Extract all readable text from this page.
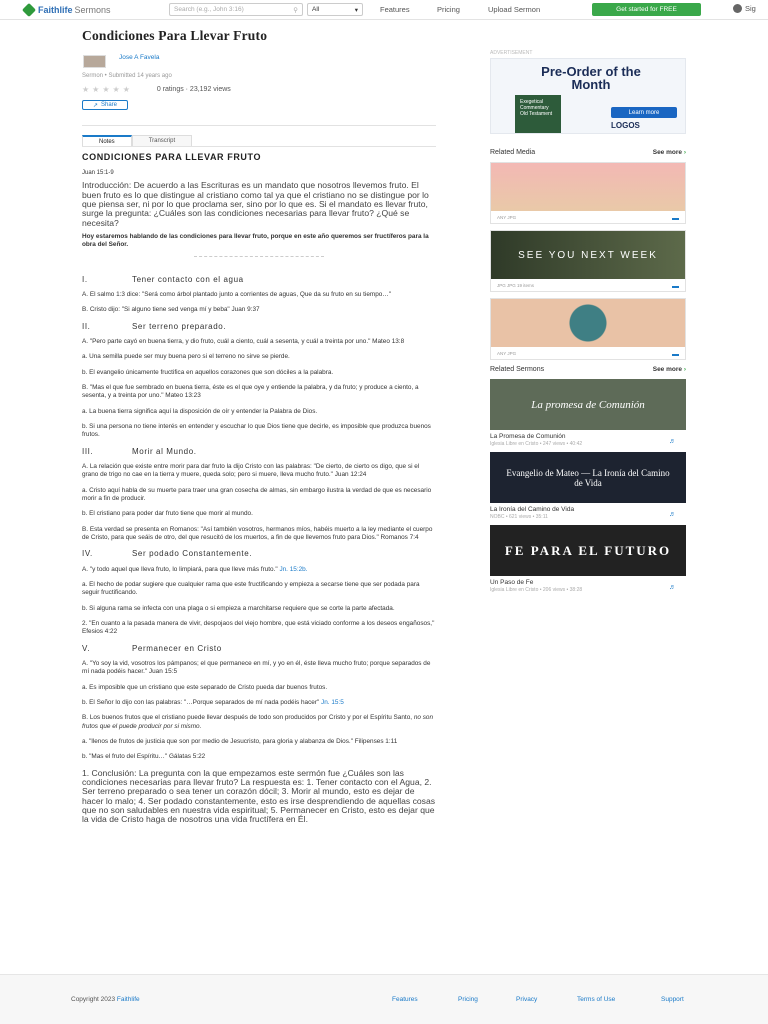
Faithlife Sermons	Search (e.g., John 3:16)	⚲ All	▾	Features	Pricing	Upload Sermon	Get started for FREE	Sig
Condiciones Para Llevar Fruto
Jose A Favela
Sermon • Submitted 14 years ago
★★★★★	0 ratings · 23,192 views
↗ Share
Notes	Transcript
CONDICIONES PARA LLEVAR FRUTO
Juan 15:1-9
Introducción: De acuerdo a las Escrituras es un mandato que nosotros llevemos fruto. El buen fruto es lo que distingue al cristiano como tal ya que el cristiano no se distingue por lo que piensa ser, ni por lo que proclama ser, sino por lo que es. Si el mandato es llevar fruto, surge la pregunta: ¿Cuáles son las condiciones necesarias para llevar fruto? ¿Qué se necesita?
Hoy estaremos hablando de las condiciones para llevar fruto, porque en este año queremos ser fructíferos para la obra del Señor.
I.	Tener contacto con el agua

A. El salmo 1:3 dice: "Será como árbol plantado junto a corrientes de aguas, Que da su fruto en su tiempo…"

B. Cristo dijo: "Si alguno tiene sed venga mí y beba" Juan 9:37

II.	Ser terreno preparado.

A. "Pero parte cayó en buena tierra, y dio fruto, cuál a ciento, cuál a sesenta, y cuál a treinta por uno." Mateo 13:8

a. Una semilla puede ser muy buena pero si el terreno no sirve se pierde.

b. El evangelio únicamente fructifica en aquellos corazones que son dóciles a la palabra.

B. "Mas el que fue sembrado en buena tierra, éste es el que oye y entiende la palabra, y da fruto; y produce a ciento, a sesenta, y a treinta por uno." Mateo 13:23

a. La buena tierra significa aquí la disposición de oír y entender la Palabra de Dios.

b. Si una persona no tiene interés en entender y escuchar lo que Dios tiene que decirle, es imposible que produzca buenos frutos.

III.	Morir al Mundo.

A. La relación que existe entre morir para dar fruto la dijo Cristo con las palabras: "De cierto, de cierto os digo, que si el grano de trigo no cae en la tierra y muere, queda solo; pero si muere, lleva mucho fruto." Juan 12:24

a. Cristo aquí habla de su muerte para traer una gran cosecha de almas, sin embargo ilustra la verdad de que es necesario morir a fin de producir.

b. El cristiano para poder dar fruto tiene que morir al mundo.

B. Esta verdad se presenta en Romanos: "Así también vosotros, hermanos míos, habéis muerto a la ley mediante el cuerpo de Cristo, para que seáis de otro, del que resucitó de los muertos, a fin de que llevemos fruto para Dios." Romanos 7:4

IV.	Ser podado Constantemente.

A. "y todo aquel que lleva fruto, lo limpiará, para que lleve más fruto." Jn. 15:2b.

a. El hecho de podar sugiere que cualquier rama que este fructificando y empieza a secarse tiene que ser podada para seguir fructificando.

b. Si alguna rama se infecta con una plaga o si empieza a marchitarse requiere que se corte la parte afectada.

2. "En cuanto a la pasada manera de vivir, despojaos del viejo hombre, que está viciado conforme a los deseos engañosos," Efesios 4:22

V.	Permanecer en Cristo

A. "Yo soy la vid, vosotros los pámpanos; el que permanece en mí, y yo en él, éste lleva mucho fruto; porque separados de mí nada podéis hacer." Juan 15:5

a. Es imposible que un cristiano que este separado de Cristo pueda dar buenos frutos.

b. El Señor lo dijo con las palabras: "…Porque separados de mí nada podéis hacer" Jn. 15:5

B. Los buenos frutos que el cristiano puede llevar después de todo son producidos por Cristo y por el Espíritu Santo, no son frutos que el puede producir por si mismo.

a. "llenos de frutos de justicia que son por medio de Jesucristo, para gloria y alabanza de Dios." Filipenses 1:11

b. "Mas el fruto del Espíritu…" Gálatas 5:22

1. Conclusión: La pregunta con la que empezamos este sermón fue ¿Cuáles son las condiciones necesarias para llevar fruto? La respuesta es: 1. Tener contacto con el Agua, 2. Ser terreno preparado o sea tener un corazón dócil; 3. Morir al mundo, esto es dejar de hacer lo malo; 4. Ser podado constantemente, esto es irse desprendiendo de aquellas cosas que no son saludables en nuestra vida espiritual; 5. Permanecer en Cristo, esto es dejar que la vida de Cristo haga de nosotros una vida fructífera en Él.
ADVERTISEMENT
Pre-Order of the Month
Exegetical Commentary Old Testament	Learn more
LOGOS
Related Media	See more ›
ANY JPG
SEE YOU NEXT WEEK
JPG JPG 19 items
ANY JPG
Related Sermons	See more ›
La promesa de Comunión
La Promesa de Comunión
Iglesia Libre en Cristo • 247 views • 40:42	♬
Evangelio de Mateo — La Ironía del Camino de Vida
La Ironía del Camino de Vida
NOBC • 621 views • 35:11	♬
FE PARA EL FUTURO
Un Paso de Fe
Iglesia Libre en Cristo • 206 views • 38:28	♬
Copyright 2023 Faithlife	Features	Pricing	Privacy	Terms of Use	Support
